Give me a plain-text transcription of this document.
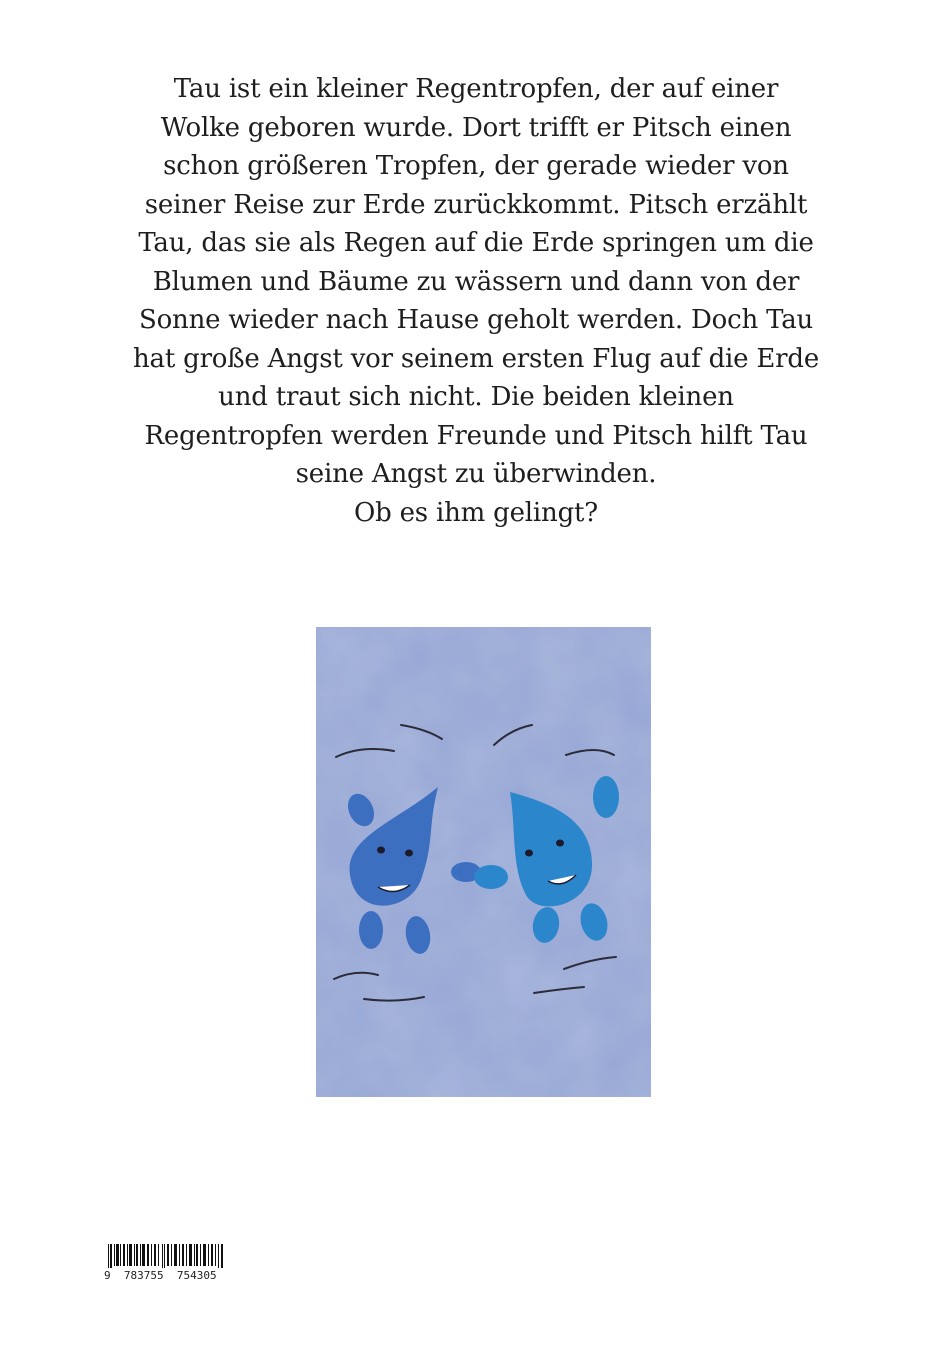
Tau ist ein kleiner Regentropfen, der auf einer

Wolke geboren wurde. Dort trifft er Pitsch einen

schon größeren Tropfen, der gerade wieder von

seiner Reise zur Erde zurückkommt. Pitsch erzählt

Tau, das sie als Regen auf die Erde springen um die

Blumen und Bäume zu wässern und dann von der

Sonne wieder nach Hause geholt werden. Doch Tau

hat große Angst vor seinem ersten Flug auf die Erde

und traut sich nicht. Die beiden kleinen

Regentropfen werden Freunde und Pitsch hilft Tau

seine Angst zu überwinden.

Ob es ihm gelingt?

9  783755  754305
